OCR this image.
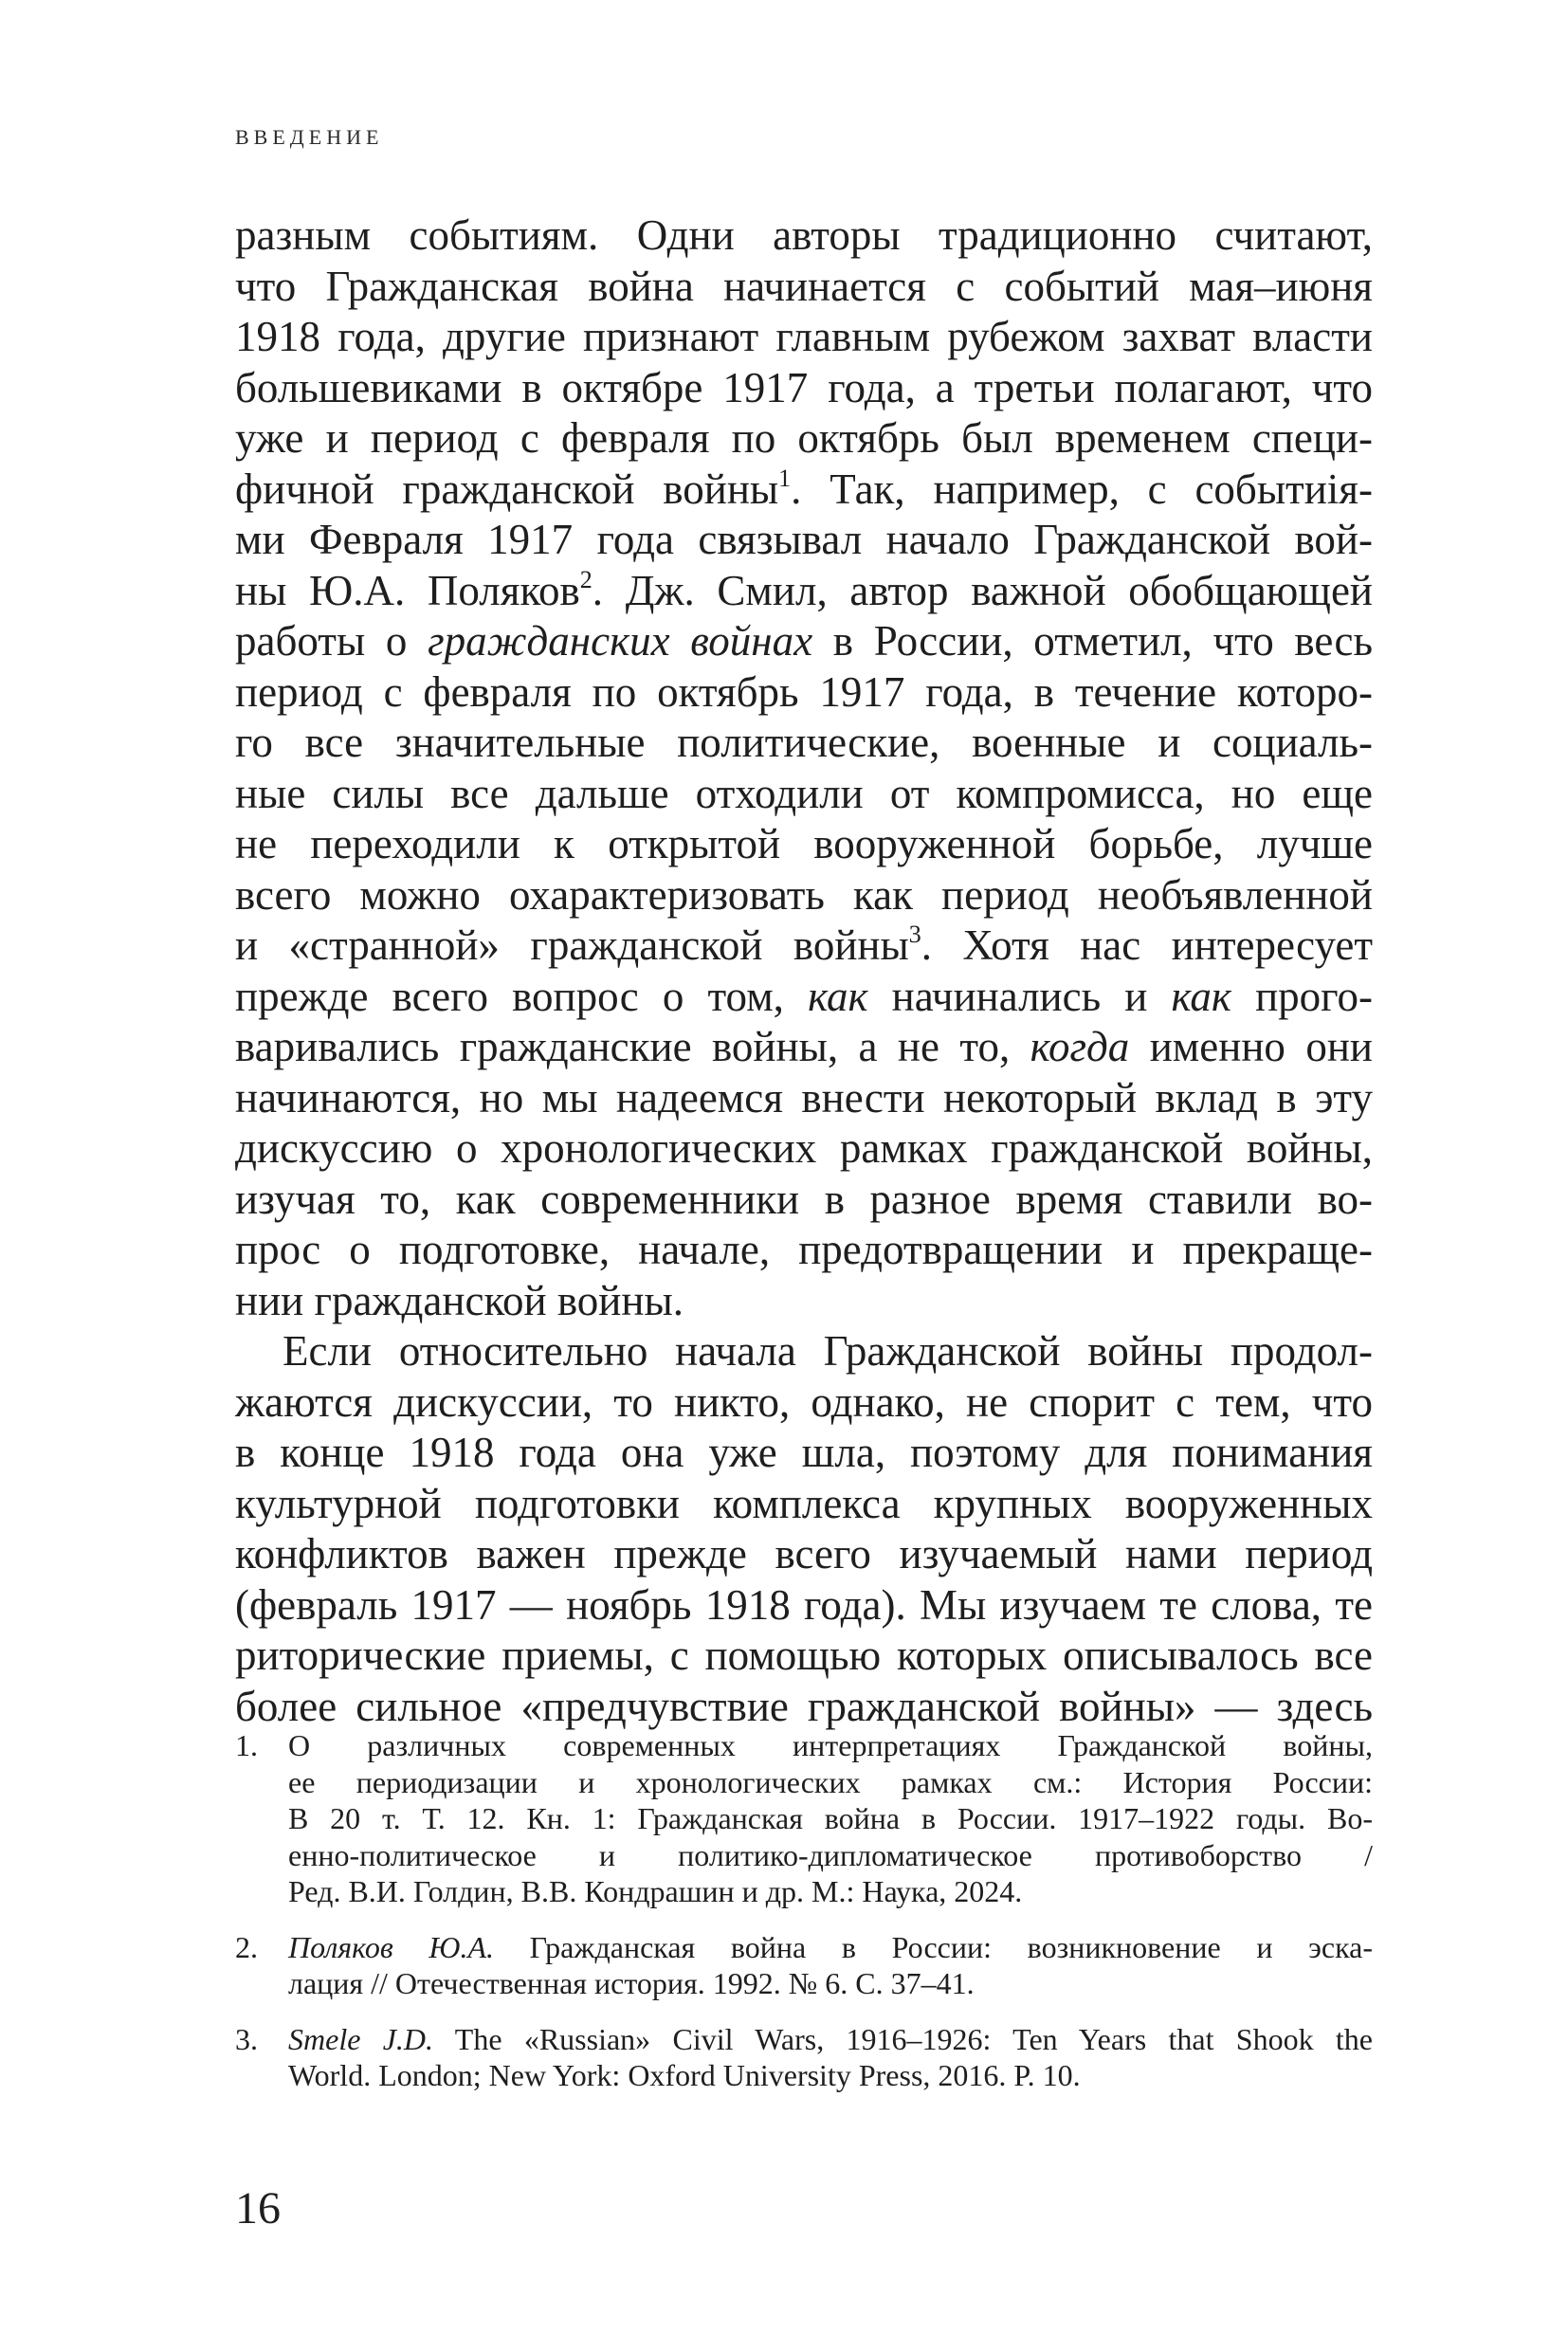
ВВЕДЕНИЕ
разным событиям. Одни авторы традиционно считают,
что Гражданская война начинается с событий мая–июня
1918 года, другие признают главным рубежом захват власти
большевиками в октябре 1917 года, а третьи полагают, что
уже и период с февраля по октябрь был временем специ-
фичной гражданской войны$^1$. Так, например, с событиія-
ми Февраля 1917 года связывал начало Гражданской вой-
ны Ю.А. Поляков$^2$. Дж. Смил, автор важной обобщающей
работы о гражданских войнах в России, отметил, что весь
период с февраля по октябрь 1917 года, в течение которо-
го все значительные политические, военные и социаль-
ные силы все дальше отходили от компромисса, но еще
не переходили к открытой вооруженной борьбе, лучше
всего можно охарактеризовать как период необъявленной
и «странной» гражданской войны$^3$. Хотя нас интересует
прежде всего вопрос о том, как начинались и как прого-
варивались гражданские войны, а не то, когда именно они
начинаются, но мы надеемся внести некоторый вклад в эту
дискуссию о хронологических рамках гражданской войны,
изучая то, как современники в разное время ставили во-
прос о подготовке, начале, предотвращении и прекраще-
нии гражданской войны.
Если относительно начала Гражданской войны продол-
жаются дискуссии, то никто, однако, не спорит с тем, что
в конце 1918 года она уже шла, поэтому для понимания
культурной подготовки комплекса крупных вооруженных
конфликтов важен прежде всего изучаемый нами период
(февраль 1917 — ноябрь 1918 года). Мы изучаем те слова, те
риторические приемы, с помощью которых описывалось все
более сильное «предчувствие гражданской войны» — здесь
1.	О различных современных интерпретациях Гражданской войны,
ее периодизации и хронологических рамках см.: История России:
В 20 т. Т. 12. Кн. 1: Гражданская война в России. 1917–1922 годы. Во-
енно-политическое и политико-дипломатическое противоборство /
Ред. В.И. Голдин, В.В. Кондрашин и др. М.: Наука, 2024.
2.	Поляков Ю.А. Гражданская война в России: возникновение и эска-
лация // Отечественная история. 1992. № 6. С. 37–41.
3.	Smele J.D. The «Russian» Civil Wars, 1916–1926: Ten Years that Shook the
World. London; New York: Oxford University Press, 2016. P. 10.
16
